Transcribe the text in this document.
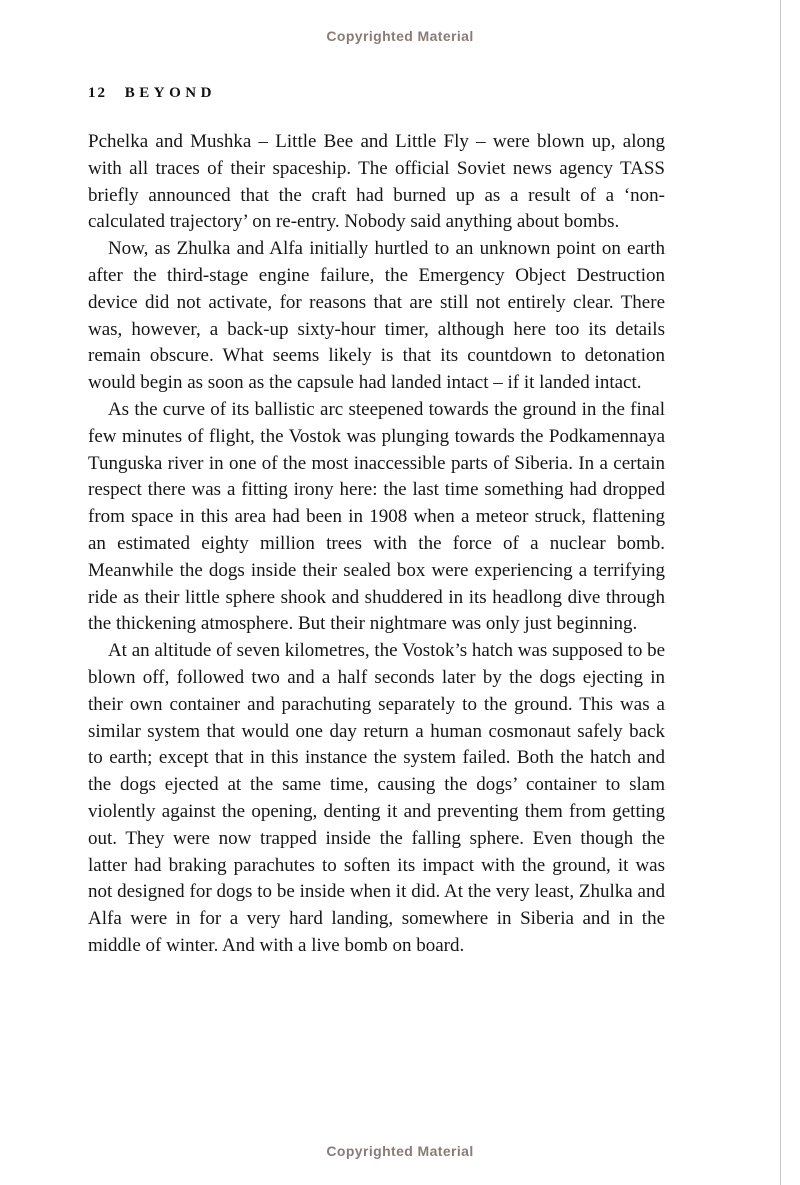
Copyrighted Material
12 BEYOND

Pchelka and Mushka – Little Bee and Little Fly – were blown up, along with all traces of their spaceship. The official Soviet news agency TASS briefly announced that the craft had burned up as a result of a ‘non-calculated trajectory’ on re-entry. Nobody said anything about bombs.

Now, as Zhulka and Alfa initially hurtled to an unknown point on earth after the third-stage engine failure, the Emergency Object Destruction device did not activate, for reasons that are still not entirely clear. There was, however, a back-up sixty-hour timer, although here too its details remain obscure. What seems likely is that its countdown to detonation would begin as soon as the capsule had landed intact – if it landed intact.

As the curve of its ballistic arc steepened towards the ground in the final few minutes of flight, the Vostok was plunging towards the Podkamennaya Tunguska river in one of the most inaccessible parts of Siberia. In a certain respect there was a fitting irony here: the last time something had dropped from space in this area had been in 1908 when a meteor struck, flattening an estimated eighty million trees with the force of a nuclear bomb. Meanwhile the dogs inside their sealed box were experiencing a terrifying ride as their little sphere shook and shuddered in its headlong dive through the thickening atmosphere. But their nightmare was only just beginning.

At an altitude of seven kilometres, the Vostok’s hatch was supposed to be blown off, followed two and a half seconds later by the dogs ejecting in their own container and parachuting separately to the ground. This was a similar system that would one day return a human cosmonaut safely back to earth; except that in this instance the system failed. Both the hatch and the dogs ejected at the same time, causing the dogs’ container to slam violently against the opening, denting it and preventing them from getting out. They were now trapped inside the falling sphere. Even though the latter had braking parachutes to soften its impact with the ground, it was not designed for dogs to be inside when it did. At the very least, Zhulka and Alfa were in for a very hard landing, somewhere in Siberia and in the middle of winter. And with a live bomb on board.

Copyrighted Material
